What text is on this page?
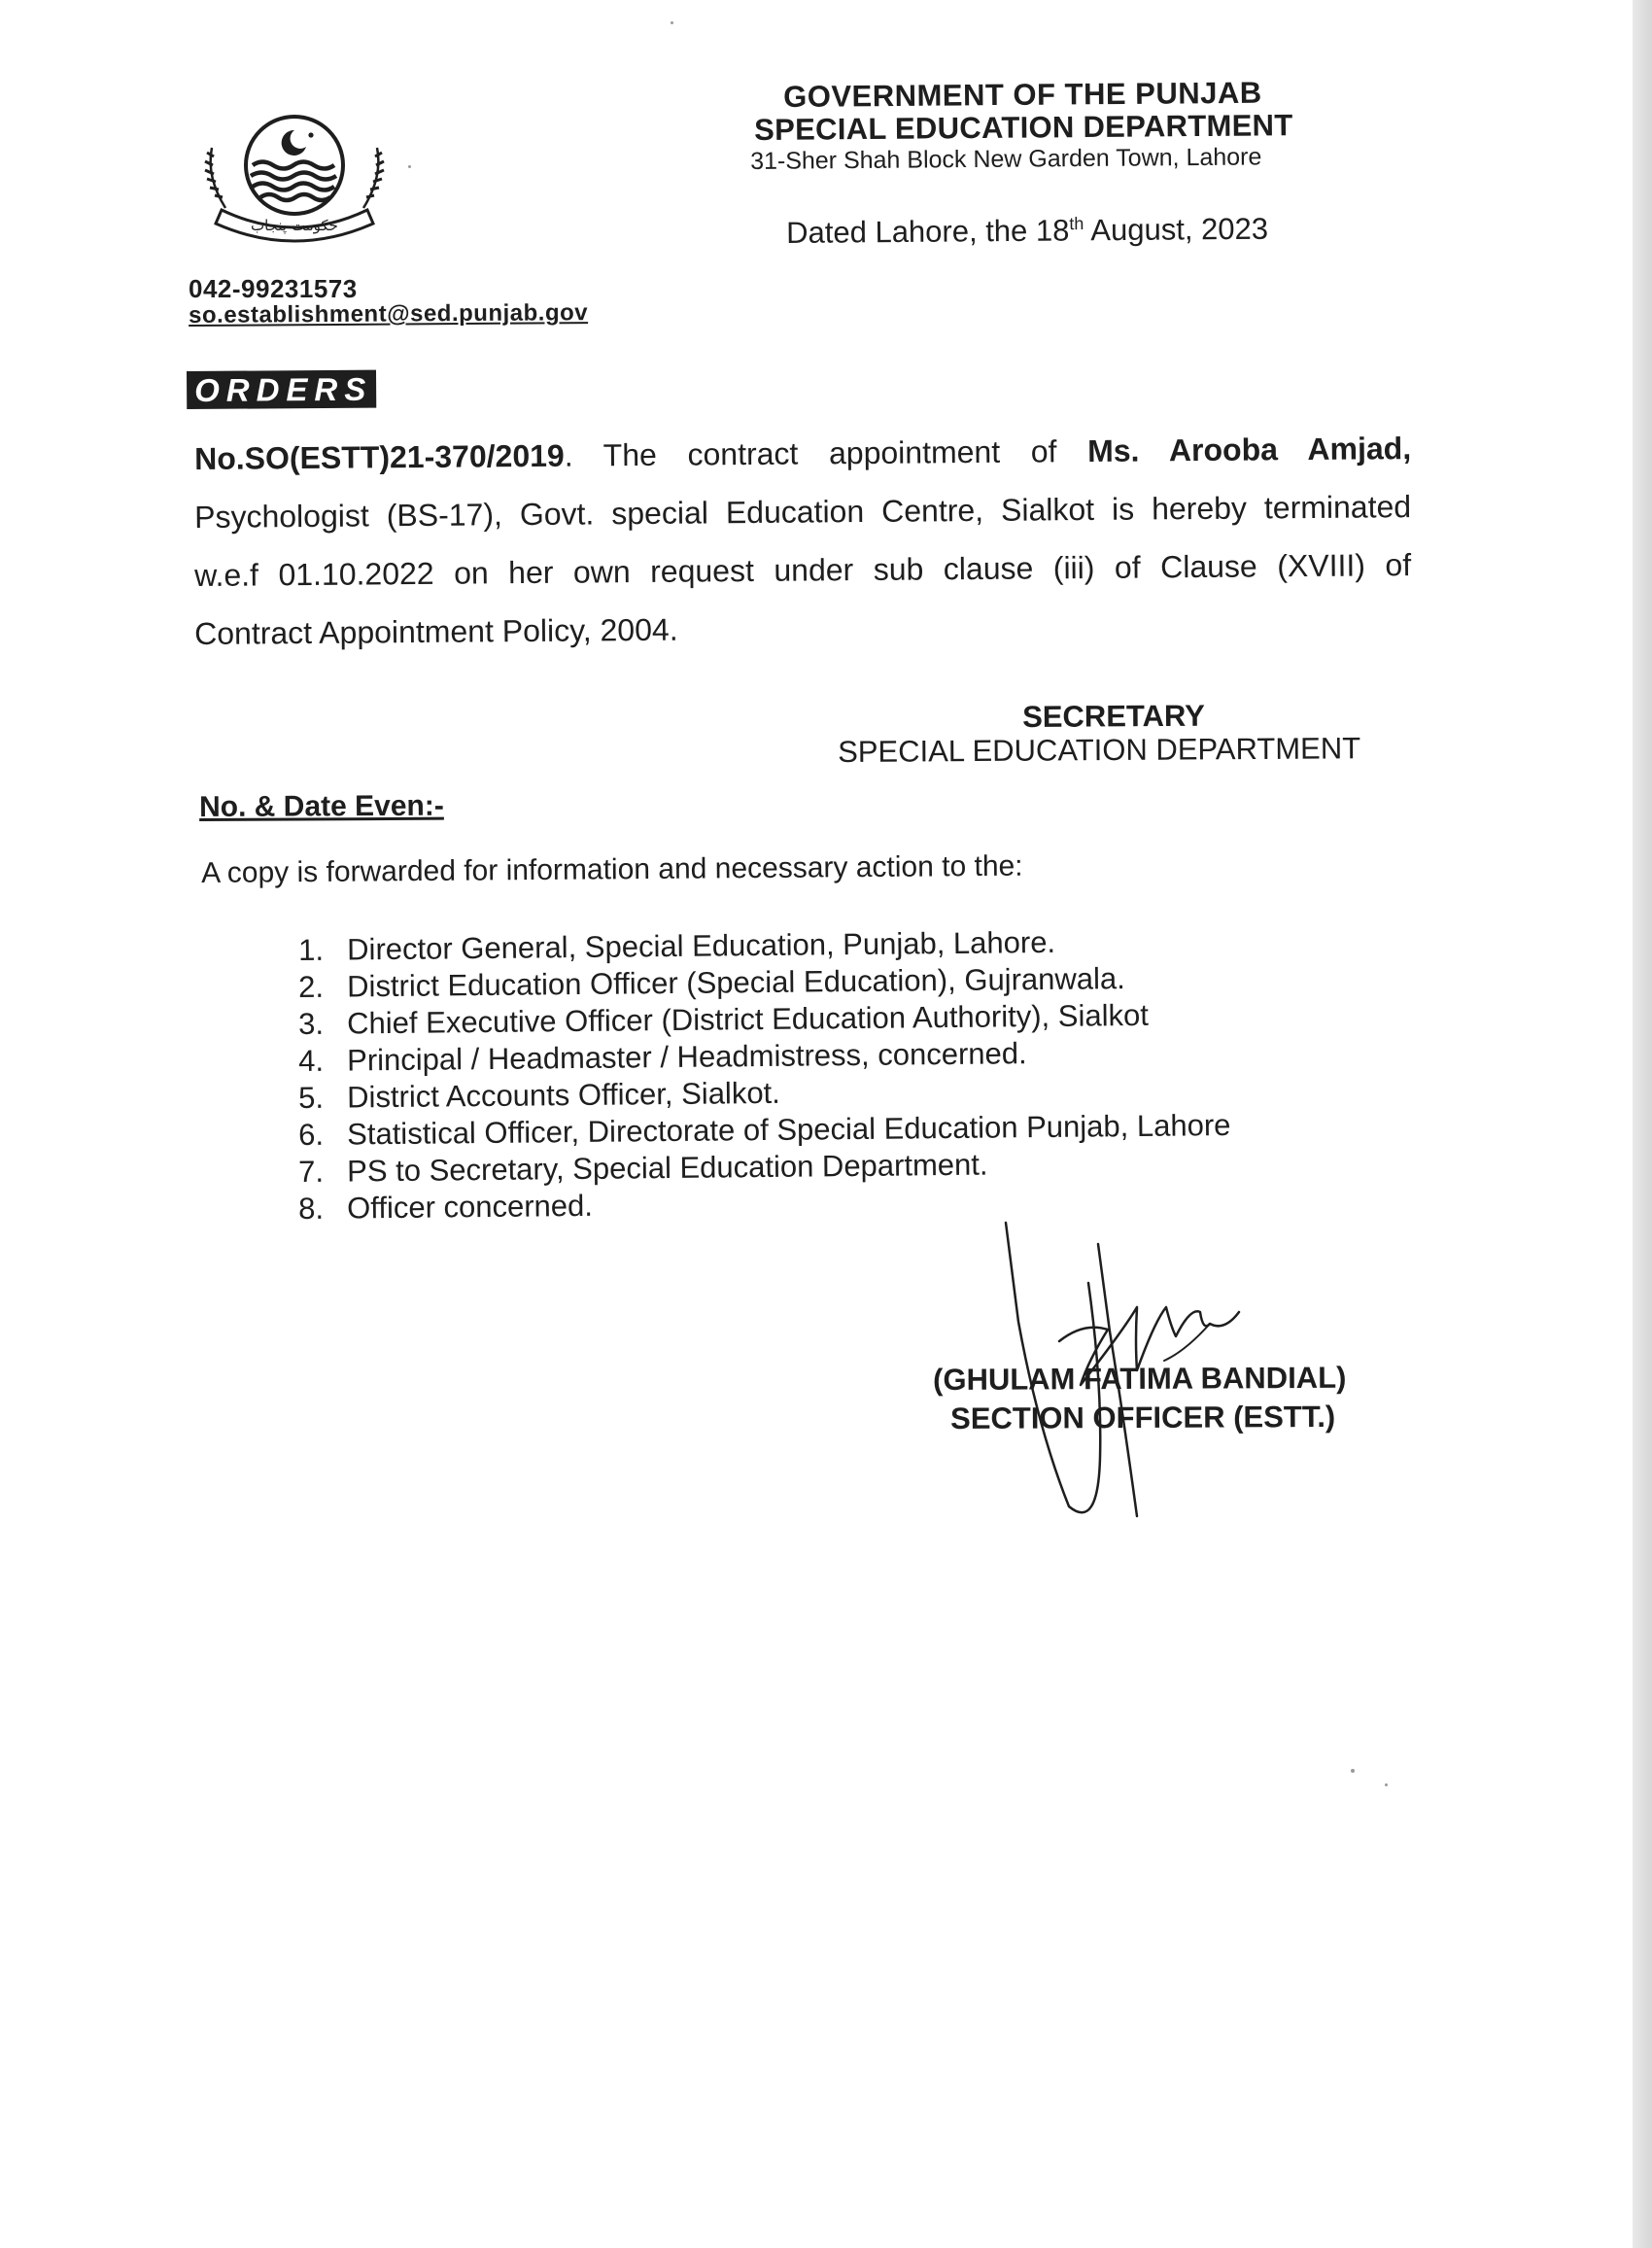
حکومت پنجاب
GOVERNMENT OF THE PUNJAB
SPECIAL EDUCATION DEPARTMENT
31-Sher Shah Block New Garden Town, Lahore
Dated Lahore, the 18th August, 2023
042-99231573
so.establishment@sed.punjab.gov
ORDERS
No.SO(ESTT)21-370/2019. The contract appointment of Ms. Arooba Amjad,
Psychologist (BS-17), Govt. special Education Centre, Sialkot is hereby terminated
w.e.f 01.10.2022 on her own request under sub clause (iii) of Clause (XVIII) of
Contract Appointment Policy, 2004.
SECRETARY
SPECIAL EDUCATION DEPARTMENT
No. & Date Even:-
A copy is forwarded for information and necessary action to the:
1. Director General, Special Education, Punjab, Lahore.
2. District Education Officer (Special Education), Gujranwala.
3. Chief Executive Officer (District Education Authority), Sialkot
4. Principal / Headmaster / Headmistress, concerned.
5. District Accounts Officer, Sialkot.
6. Statistical Officer, Directorate of Special Education Punjab, Lahore
7. PS to Secretary, Special Education Department.
8. Officer concerned.
(GHULAM FATIMA BANDIAL)
SECTION OFFICER (ESTT.)
